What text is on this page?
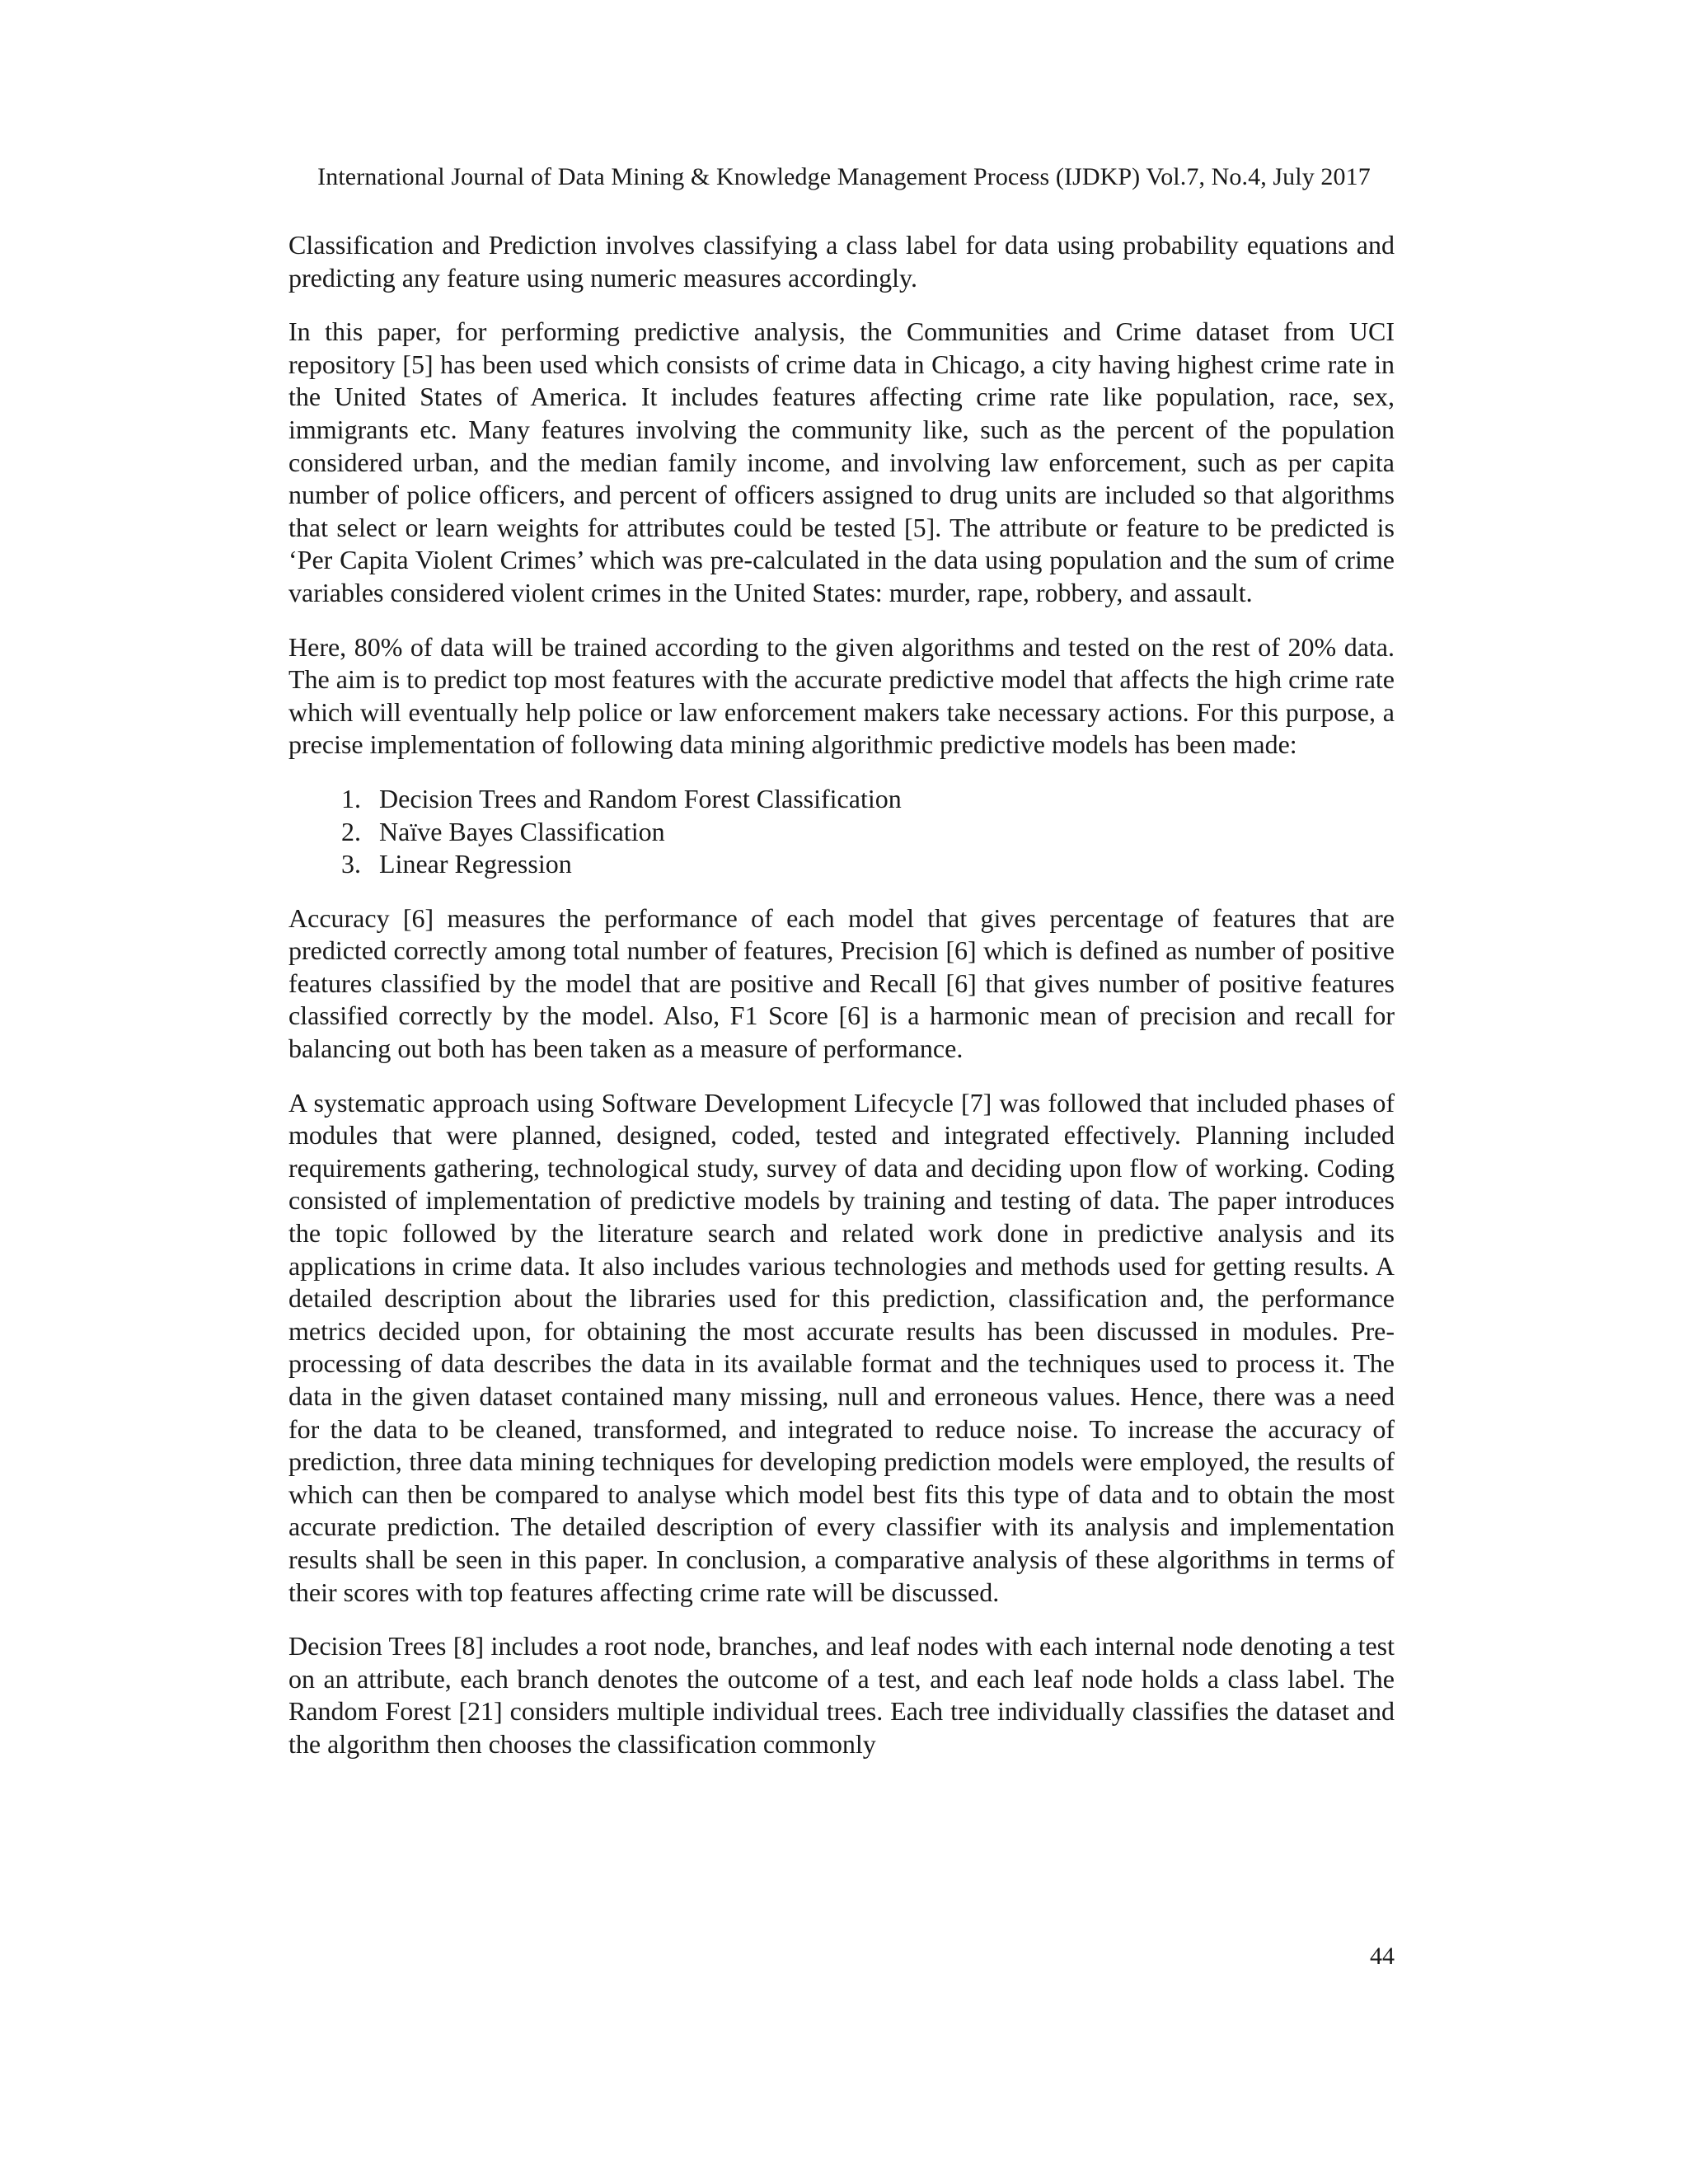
International Journal of Data Mining & Knowledge Management Process (IJDKP) Vol.7, No.4, July 2017

Classification and Prediction involves classifying a class label for data using probability equations and predicting any feature using numeric measures accordingly.

In this paper, for performing predictive analysis, the Communities and Crime dataset from UCI repository [5] has been used which consists of crime data in Chicago, a city having highest crime rate in the United States of America. It includes features affecting crime rate like population, race, sex, immigrants etc. Many features involving the community like, such as the percent of the population considered urban, and the median family income, and involving law enforcement, such as per capita number of police officers, and percent of officers assigned to drug units are included so that algorithms that select or learn weights for attributes could be tested [5]. The attribute or feature to be predicted is ‘Per Capita Violent Crimes’ which was pre-calculated in the data using population and the sum of crime variables considered violent crimes in the United States: murder, rape, robbery, and assault.

Here, 80% of data will be trained according to the given algorithms and tested on the rest of 20% data. The aim is to predict top most features with the accurate predictive model that affects the high crime rate which will eventually help police or law enforcement makers take necessary actions. For this purpose, a precise implementation of following data mining algorithmic predictive models has been made:

1. Decision Trees and Random Forest Classification
2. Naïve Bayes Classification
3. Linear Regression

Accuracy [6] measures the performance of each model that gives percentage of features that are predicted correctly among total number of features, Precision [6] which is defined as number of positive features classified by the model that are positive and Recall [6] that gives number of positive features classified correctly by the model. Also, F1 Score [6] is a harmonic mean of precision and recall for balancing out both has been taken as a measure of performance.

A systematic approach using Software Development Lifecycle [7] was followed that included phases of modules that were planned, designed, coded, tested and integrated effectively. Planning included requirements gathering, technological study, survey of data and deciding upon flow of working. Coding consisted of implementation of predictive models by training and testing of data. The paper introduces the topic followed by the literature search and related work done in predictive analysis and its applications in crime data. It also includes various technologies and methods used for getting results. A detailed description about the libraries used for this prediction, classification and, the performance metrics decided upon, for obtaining the most accurate results has been discussed in modules. Pre-processing of data describes the data in its available format and the techniques used to process it. The data in the given dataset contained many missing, null and erroneous values. Hence, there was a need for the data to be cleaned, transformed, and integrated to reduce noise. To increase the accuracy of prediction, three data mining techniques for developing prediction models were employed, the results of which can then be compared to analyse which model best fits this type of data and to obtain the most accurate prediction. The detailed description of every classifier with its analysis and implementation results shall be seen in this paper. In conclusion, a comparative analysis of these algorithms in terms of their scores with top features affecting crime rate will be discussed.

Decision Trees [8] includes a root node, branches, and leaf nodes with each internal node denoting a test on an attribute, each branch denotes the outcome of a test, and each leaf node holds a class label. The Random Forest [21] considers multiple individual trees. Each tree individually classifies the dataset and the algorithm then chooses the classification commonly

44
